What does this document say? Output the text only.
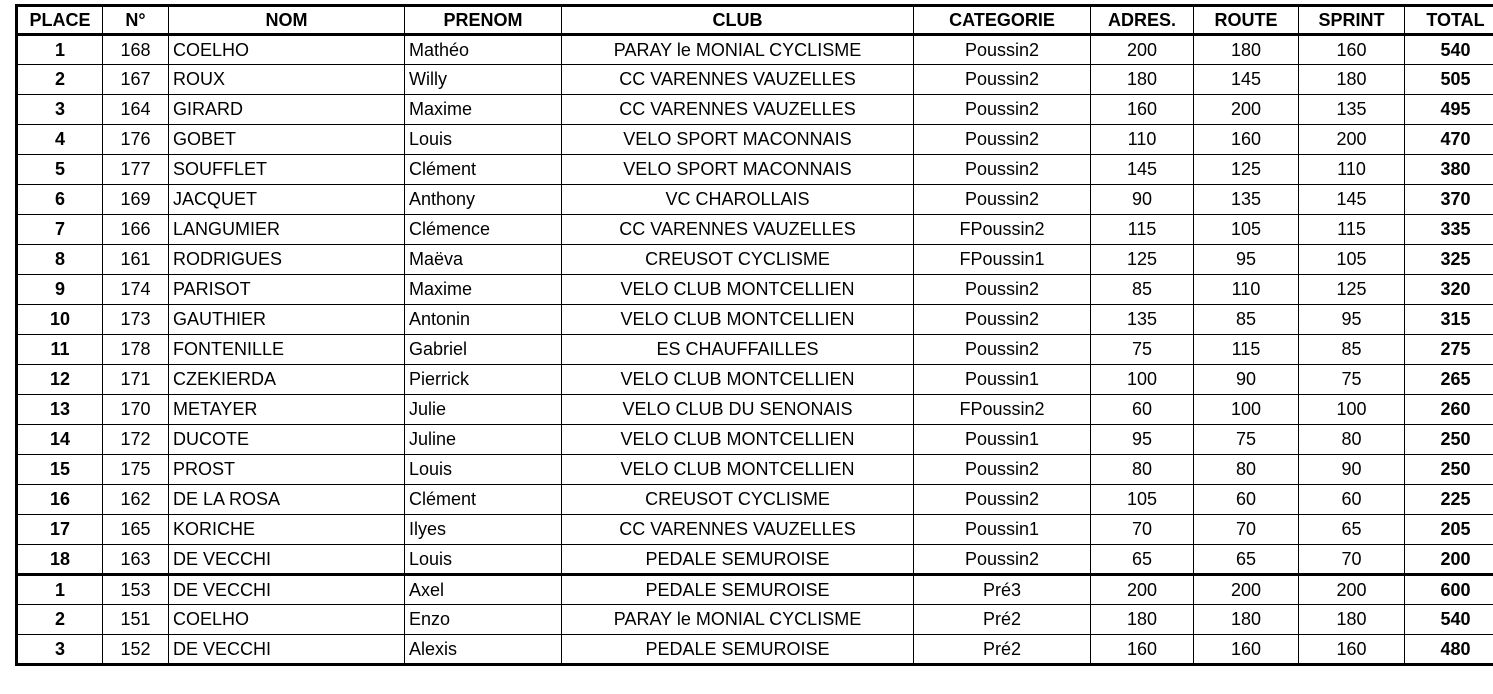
PLACE	N°	NOM	PRENOM	CLUB	CATEGORIE	ADRES.	ROUTE	SPRINT	TOTAL
1	168	COELHO	Mathéo	PARAY le MONIAL CYCLISME	Poussin2	200	180	160	540
2	167	ROUX	Willy	CC VARENNES VAUZELLES	Poussin2	180	145	180	505
3	164	GIRARD	Maxime	CC VARENNES VAUZELLES	Poussin2	160	200	135	495
4	176	GOBET	Louis	VELO SPORT MACONNAIS	Poussin2	110	160	200	470
5	177	SOUFFLET	Clément	VELO SPORT MACONNAIS	Poussin2	145	125	110	380
6	169	JACQUET	Anthony	VC CHAROLLAIS	Poussin2	90	135	145	370
7	166	LANGUMIER	Clémence	CC VARENNES VAUZELLES	FPoussin2	115	105	115	335
8	161	RODRIGUES	Maëva	CREUSOT CYCLISME	FPoussin1	125	95	105	325
9	174	PARISOT	Maxime	VELO CLUB MONTCELLIEN	Poussin2	85	110	125	320
10	173	GAUTHIER	Antonin	VELO CLUB MONTCELLIEN	Poussin2	135	85	95	315
11	178	FONTENILLE	Gabriel	ES CHAUFFAILLES	Poussin2	75	115	85	275
12	171	CZEKIERDA	Pierrick	VELO CLUB MONTCELLIEN	Poussin1	100	90	75	265
13	170	METAYER	Julie	VELO CLUB DU SENONAIS	FPoussin2	60	100	100	260
14	172	DUCOTE	Juline	VELO CLUB MONTCELLIEN	Poussin1	95	75	80	250
15	175	PROST	Louis	VELO CLUB MONTCELLIEN	Poussin2	80	80	90	250
16	162	DE LA ROSA	Clément	CREUSOT CYCLISME	Poussin2	105	60	60	225
17	165	KORICHE	Ilyes	CC VARENNES VAUZELLES	Poussin1	70	70	65	205
18	163	DE VECCHI	Louis	PEDALE SEMUROISE	Poussin2	65	65	70	200
1	153	DE VECCHI	Axel	PEDALE SEMUROISE	Pré3	200	200	200	600
2	151	COELHO	Enzo	PARAY le MONIAL CYCLISME	Pré2	180	180	180	540
3	152	DE VECCHI	Alexis	PEDALE SEMUROISE	Pré2	160	160	160	480
